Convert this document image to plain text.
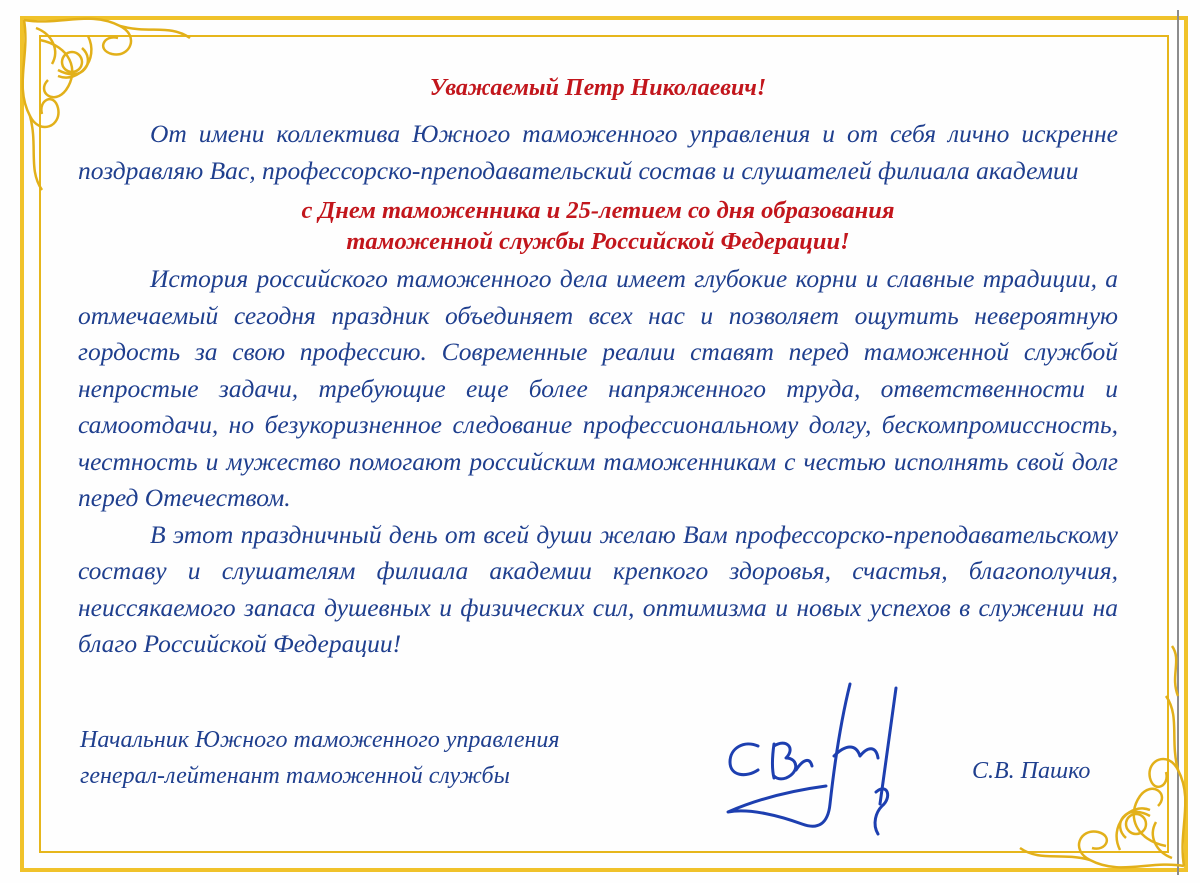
Уважаемый Петр Николаевич!

От имени коллектива Южного таможенного управления и от себя лично искренне поздравляю Вас, профессорско-преподавательский состав и слушателей филиала академии

с Днем таможенника и 25-летием со дня образования

таможенной службы Российской Федерации!

История российского таможенного дела имеет глубокие корни и славные традиции, а отмечаемый сегодня праздник объединяет всех нас и позволяет ощутить невероятную гордость за свою профессию. Современные реалии ставят перед таможенной службой непростые задачи, требующие еще более напряженного труда, ответственности и самоотдачи, но безукоризненное следование профессиональному долгу, бескомпромиссность, честность и мужество помогают российским таможенникам с честью исполнять свой долг перед Отечеством.

В этот праздничный день от всей души желаю Вам профессорско-преподавательскому составу и слушателям филиала академии крепкого здоровья, счастья, благополучия, неиссякаемого запаса душевных и физических сил, оптимизма и новых успехов в служении на благо Российской Федерации!

Начальник Южного таможенного управления
генерал-лейтенант таможенной службы	С.В. Пашко
